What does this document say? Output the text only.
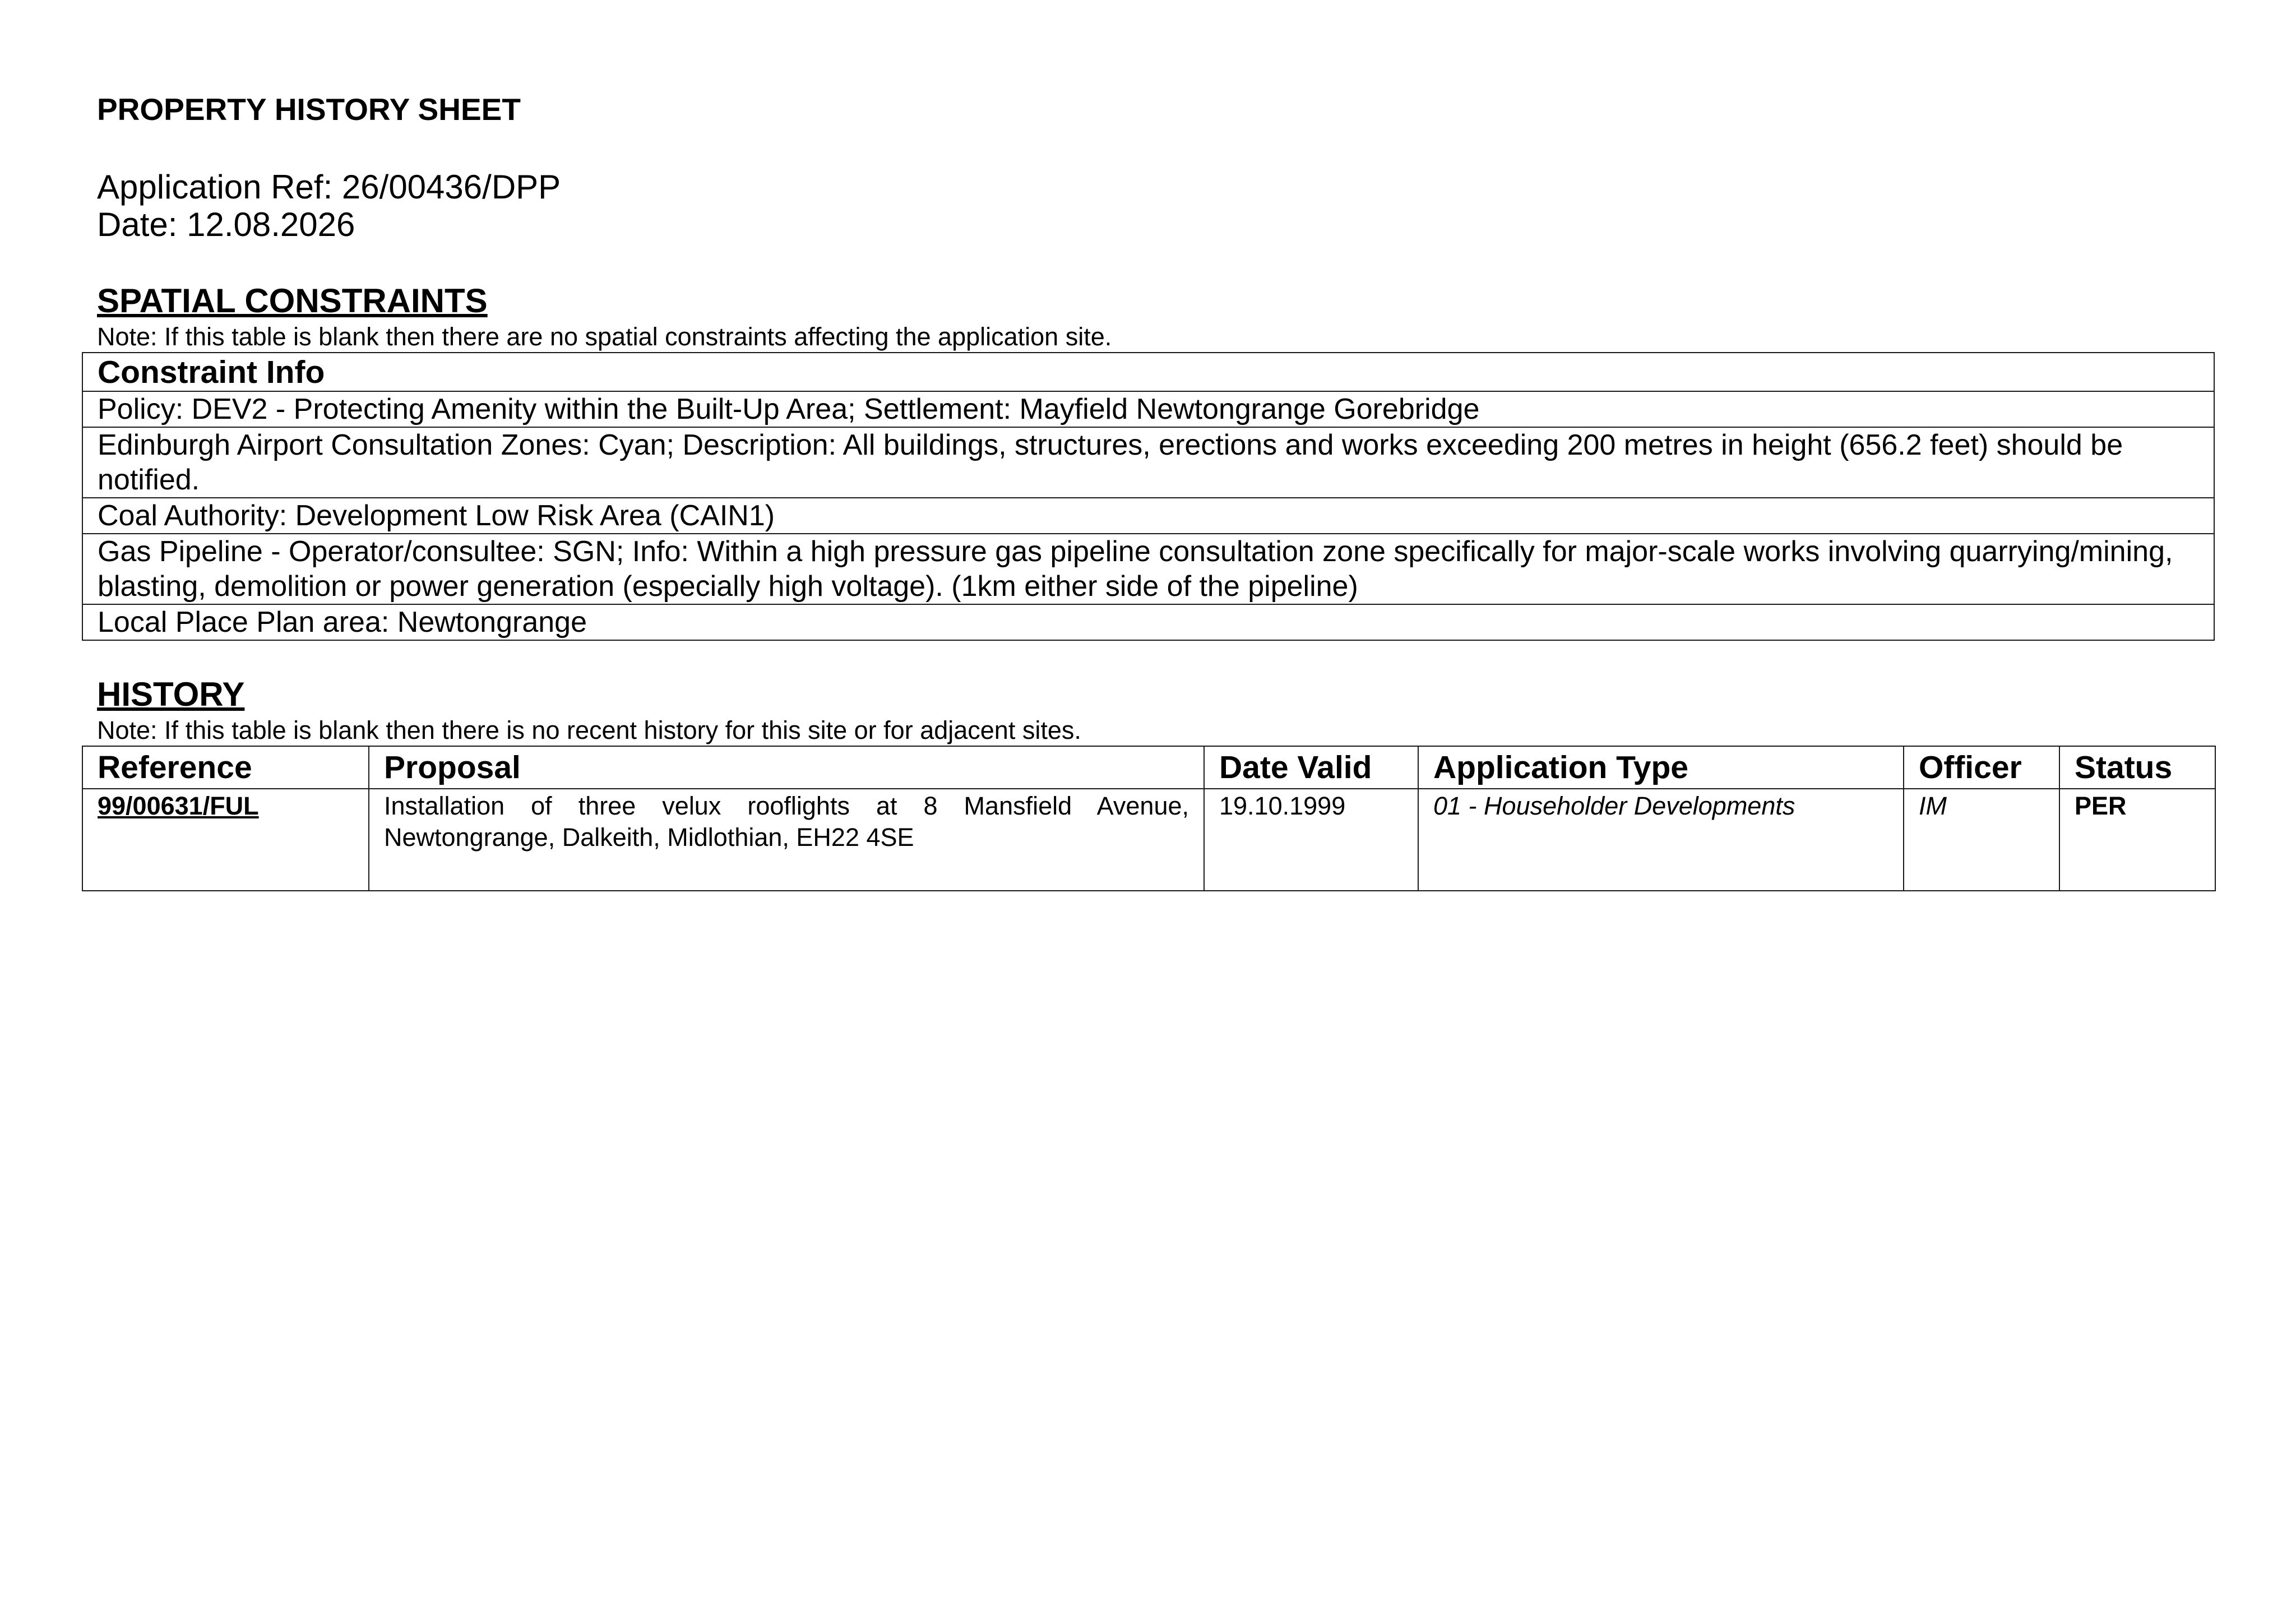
PROPERTY HISTORY SHEET
Application Ref: 26/00436/DPP
Date: 12.08.2026
SPATIAL CONSTRAINTS
Note: If this table is blank then there are no spatial constraints affecting the application site.
Constraint Info
Policy: DEV2 - Protecting Amenity within the Built-Up Area; Settlement: Mayfield Newtongrange Gorebridge
Edinburgh Airport Consultation Zones: Cyan; Description: All buildings, structures, erections and works exceeding 200 metres in height (656.2 feet) should be notified.
Coal Authority: Development Low Risk Area (CAIN1)
Gas Pipeline - Operator/consultee: SGN; Info: Within a high pressure gas pipeline consultation zone specifically for major-scale works involving quarrying/mining, blasting, demolition or power generation (especially high voltage). (1km either side of the pipeline)
Local Place Plan area: Newtongrange
HISTORY
Note: If this table is blank then there is no recent history for this site or for adjacent sites.
Reference	Proposal	Date Valid	Application Type	Officer	Status
99/00631/FUL	Installation of three velux rooflights at 8 Mansfield Avenue, Newtongrange, Dalkeith, Midlothian, EH22 4SE	19.10.1999	01 - Householder Developments	IM	PER
